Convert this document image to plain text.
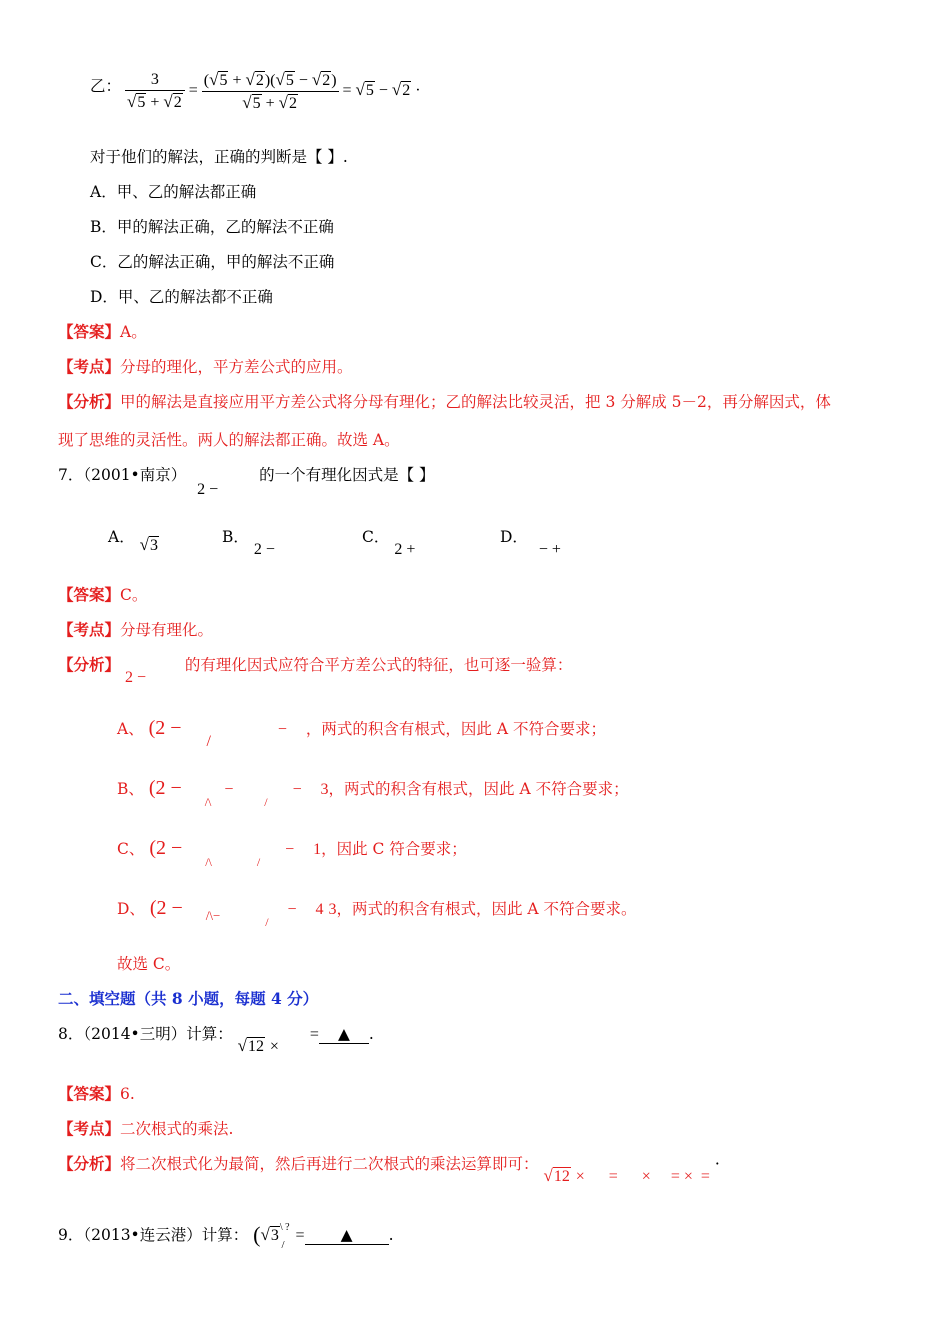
乙： $\frac{3}{√5 + √2} = \frac{(√5 + √2)(√5 - √2)}{√5 + √2} = √5 - √2$ ·
对于他们的解法，正确的判断是【 】.
A．甲、乙的解法都正确
B．甲的解法正确，乙的解法不正确
C．乙的解法正确，甲的解法不正确
D．甲、乙的解法都不正确
【答案】A。
【考点】分母的理化，平方差公式的应用。
【分析】甲的解法是直接应用平方差公式将分母有理化；乙的解法比较灵活，把 3 分解成 5－2，再分解因式，体
现了思维的灵活性。两人的解法都正确。故选 A。
7．（2001•南京） 2 − 的一个有理化因式是【 】
A． √3	B． 2 −
C． 2 +
D． − +
【答案】C。
【考点】分母有理化。
【分析】 2 − 的有理化因式应符合平方差公式的特征，也可逐一验算：
A、 (2 − / − ，两式的积含有根式，因此 A 不符合要求；
B、 (2 − $_{/\backslash}$ − $_/$ − 3，两式的积含有根式，因此 A 不符合要求；
C、 (2 − $_{/\backslash}$	$_/$ − 1，因此 C 符合要求；
D、 (2 − $_{/\backslash-}$	$_/$ − 4 3，两式的积含有根式，因此 A 不符合要求。
故选 C。
二、填空题（共 8 小题，每题 4 分）
8．（2014•三明）计算： √12 × = ▲ .
【答案】6.
【考点】二次根式的乘法.
【分析】将二次根式化为最简，然后再进行二次根式的乘法运算即可： √12 ×      =      ×     = ×  = ·
9．（2013•连云港）计算： ($√3^{\backslash ?}_/$ = ▲ .
